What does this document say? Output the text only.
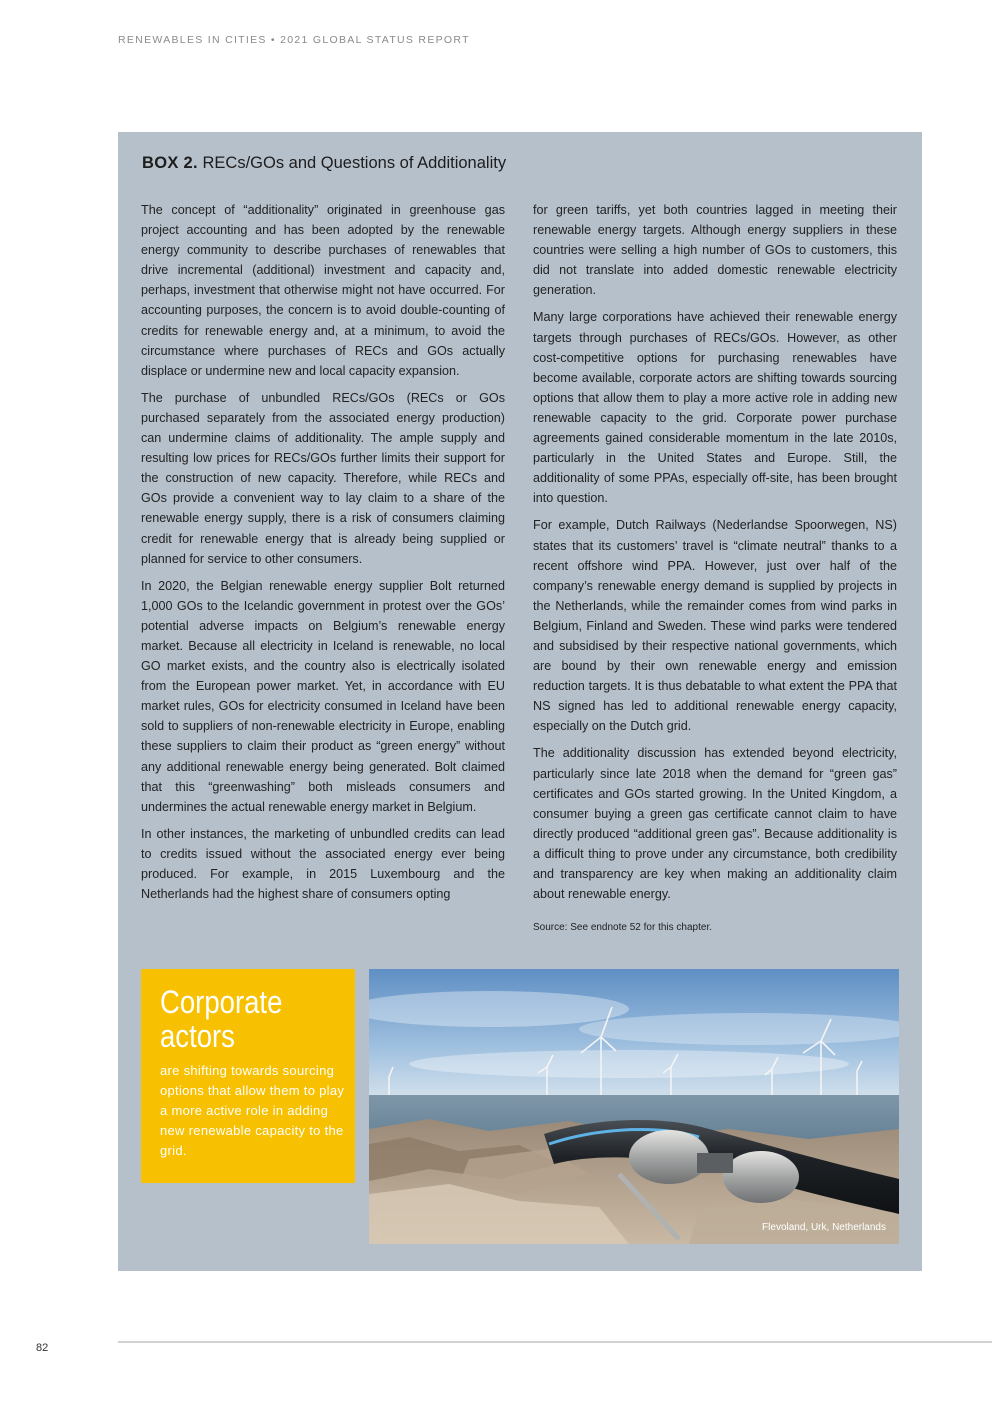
RENEWABLES IN CITIES • 2021 GLOBAL STATUS REPORT
BOX 2. RECs/GOs and Questions of Additionality

The concept of “additionality” originated in greenhouse gas project accounting and has been adopted by the renewable energy community to describe purchases of renewables that drive incremental (additional) investment and capacity and, perhaps, investment that otherwise might not have occurred. For accounting purposes, the concern is to avoid double-counting of credits for renewable energy and, at a minimum, to avoid the circumstance where purchases of RECs and GOs actually displace or undermine new and local capacity expansion.

The purchase of unbundled RECs/GOs (RECs or GOs purchased separately from the associated energy production) can undermine claims of additionality. The ample supply and resulting low prices for RECs/GOs further limits their support for the construction of new capacity. Therefore, while RECs and GOs provide a convenient way to lay claim to a share of the renewable energy supply, there is a risk of consumers claiming credit for renewable energy that is already being supplied or planned for service to other consumers.

In 2020, the Belgian renewable energy supplier Bolt returned 1,000 GOs to the Icelandic government in protest over the GOs’ potential adverse impacts on Belgium’s renewable energy market. Because all electricity in Iceland is renewable, no local GO market exists, and the country also is electrically isolated from the European power market. Yet, in accordance with EU market rules, GOs for electricity consumed in Iceland have been sold to suppliers of non-renewable electricity in Europe, enabling these suppliers to claim their product as “green energy” without any additional renewable energy being generated. Bolt claimed that this “greenwashing” both misleads consumers and undermines the actual renewable energy market in Belgium.

In other instances, the marketing of unbundled credits can lead to credits issued without the associated energy ever being produced. For example, in 2015 Luxembourg and the Netherlands had the highest share of consumers opting

for green tariffs, yet both countries lagged in meeting their renewable energy targets. Although energy suppliers in these countries were selling a high number of GOs to customers, this did not translate into added domestic renewable electricity generation.

Many large corporations have achieved their renewable energy targets through purchases of RECs/GOs. However, as other cost-competitive options for purchasing renewables have become available, corporate actors are shifting towards sourcing options that allow them to play a more active role in adding new renewable capacity to the grid. Corporate power purchase agreements gained considerable momentum in the late 2010s, particularly in the United States and Europe. Still, the additionality of some PPAs, especially off-site, has been brought into question.

For example, Dutch Railways (Nederlandse Spoorwegen, NS) states that its customers’ travel is “climate neutral” thanks to a recent offshore wind PPA. However, just over half of the company’s renewable energy demand is supplied by projects in the Netherlands, while the remainder comes from wind parks in Belgium, Finland and Sweden. These wind parks were tendered and subsidised by their respective national governments, which are bound by their own renewable energy and emission reduction targets. It is thus debatable to what extent the PPA that NS signed has led to additional renewable energy capacity, especially on the Dutch grid.

The additionality discussion has extended beyond electricity, particularly since late 2018 when the demand for “green gas” certificates and GOs started growing. In the United Kingdom, a consumer buying a green gas certificate cannot claim to have directly produced “additional green gas”. Because additionality is a difficult thing to prove under any circumstance, both credibility and transparency are key when making an additionality claim about renewable energy.

Source: See endnote 52 for this chapter.
Corporate actors
are shifting towards sourcing options that allow them to play a more active role in adding new renewable capacity to the grid.
Flevoland, Urk, Netherlands
82
